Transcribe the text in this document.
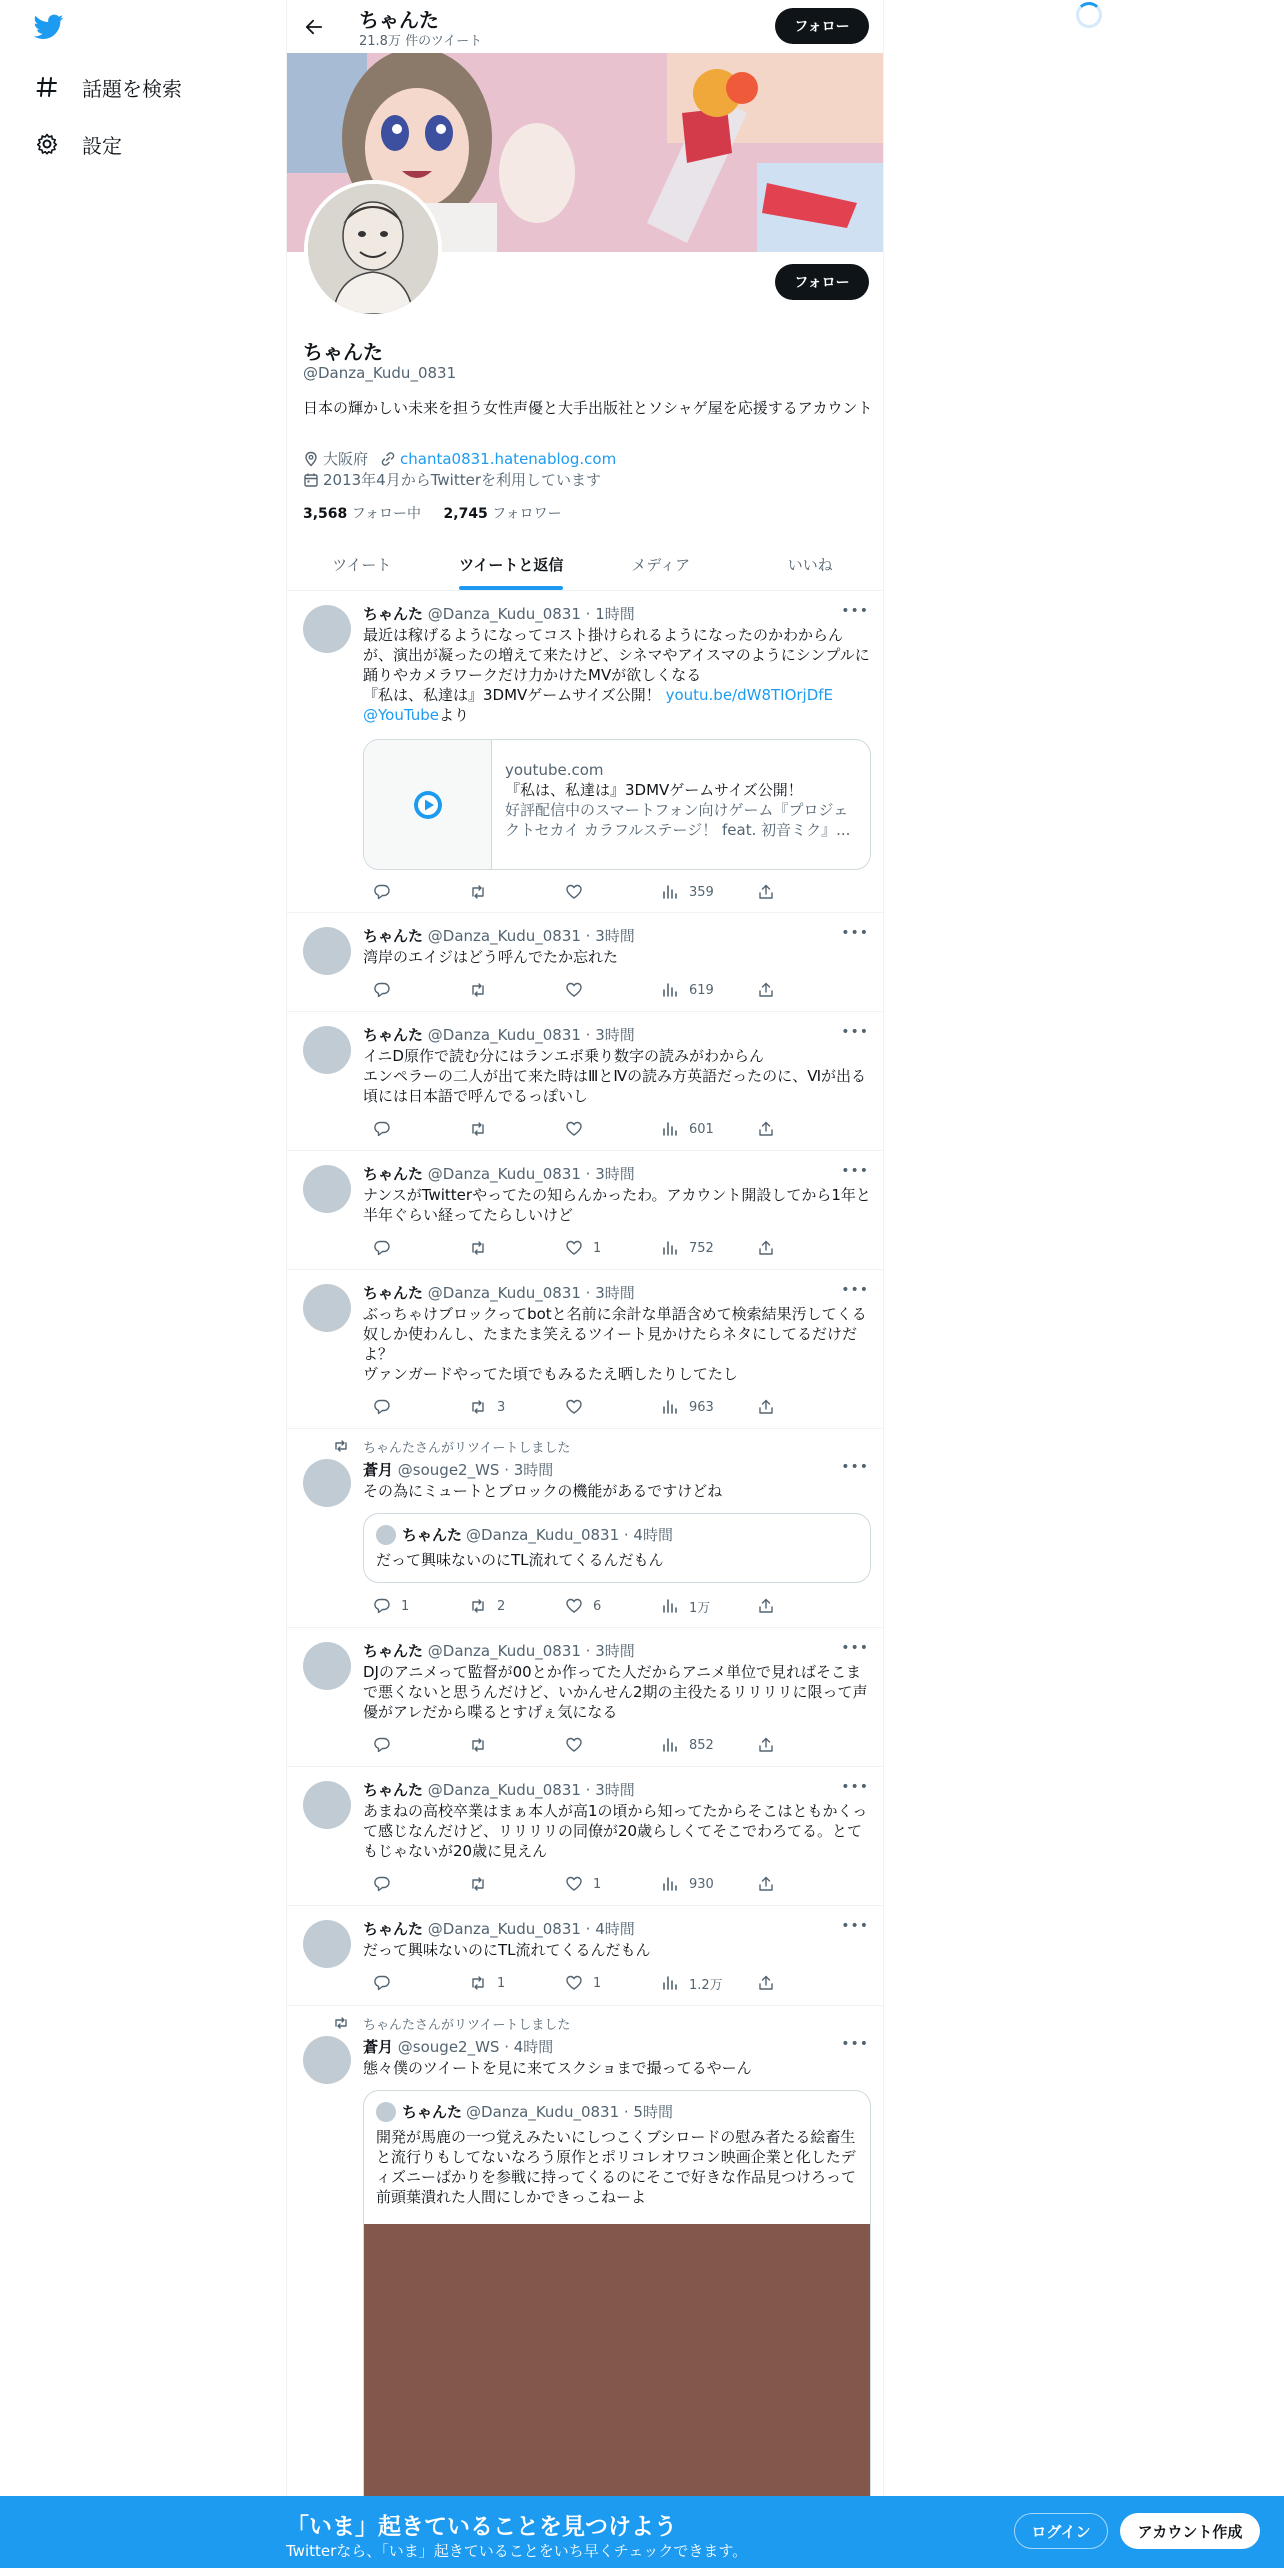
話題を検索
設定
ちゃんた
21.8万 件のツイート
フォロー
フォロー
ちゃんた
@Danza_Kudu_0831
日本の輝かしい未来を担う女性声優と大手出版社とソシャゲ屋を応援するアカウント
大阪府 chanta0831.hatenablog.com
2013年4月からTwitterを利用しています
3,568 フォロー中 2,745 フォロワー
ツイート	ツイートと返信	メディア	いいね
ちゃんた @Danza_Kudu_0831 · 1時間	•••
最近は稼げるようになってコスト掛けられるようになったのかわからんが、演出が凝ったの増えて来たけど、シネマやアイスマのようにシンプルに踊りやカメラワークだけ力かけたMVが欲しくなる
『私は、私達は』3DMVゲームサイズ公開！ youtu.be/dW8TIOrjDfE
@YouTubeより
youtube.com
『私は、私達は』3DMVゲームサイズ公開！
好評配信中のスマートフォン向けゲーム『プロジェクトセカイ カラフルステージ！ feat. 初音ミク』...
359
ちゃんた @Danza_Kudu_0831 · 3時間	•••
湾岸のエイジはどう呼んでたか忘れた
619
ちゃんた @Danza_Kudu_0831 · 3時間	•••
イニD原作で読む分にはランエボ乗り数字の読みがわからん
エンペラーの二人が出て来た時はⅢとⅣの読み方英語だったのに、Ⅵが出る頃には日本語で呼んでるっぽいし
601
ちゃんた @Danza_Kudu_0831 · 3時間	•••
ナンスがTwitterやってたの知らんかったわ。アカウント開設してから1年と半年ぐらい経ってたらしいけど
1	752
ちゃんた @Danza_Kudu_0831 · 3時間	•••
ぶっちゃけブロックってbotと名前に余計な単語含めて検索結果汚してくる奴しか使わんし、たまたま笑えるツイート見かけたらネタにしてるだけだよ？
ヴァンガードやってた頃でもみるたえ晒したりしてたし
3	963
ちゃんたさんがリツイートしました
蒼月 @souge2_WS · 3時間	•••
その為にミュートとブロックの機能があるですけどね
ちゃんた @Danza_Kudu_0831 · 4時間
だって興味ないのにTL流れてくるんだもん
1	2	6	1万
ちゃんた @Danza_Kudu_0831 · 3時間	•••
DJのアニメって監督が00とか作ってた人だからアニメ単位で見ればそこまで悪くないと思うんだけど、いかんせん2期の主役たるリリリリに限って声優がアレだから喋るとすげぇ気になる
852
ちゃんた @Danza_Kudu_0831 · 3時間	•••
あまねの高校卒業はまぁ本人が高1の頃から知ってたからそこはともかくって感じなんだけど、リリリリの同僚が20歳らしくてそこでわろてる。とてもじゃないが20歳に見えん
1	930
ちゃんた @Danza_Kudu_0831 · 4時間	•••
だって興味ないのにTL流れてくるんだもん
1	1	1.2万
ちゃんたさんがリツイートしました
蒼月 @souge2_WS · 4時間	•••
態々僕のツイートを見に来てスクショまで撮ってるやーん
ちゃんた @Danza_Kudu_0831 · 5時間
開発が馬鹿の一つ覚えみたいにしつこくブシロードの慰み者たる絵畜生と流行りもしてないなろう原作とポリコレオワコン映画企業と化したディズニーばかりを参戦に持ってくるのにそこで好きな作品見つけろって前頭葉潰れた人間にしかできっこねーよ
「いま」起きていることを見つけよう
Twitterなら、「いま」起きていることをいち早くチェックできます。
ログイン	アカウント作成
